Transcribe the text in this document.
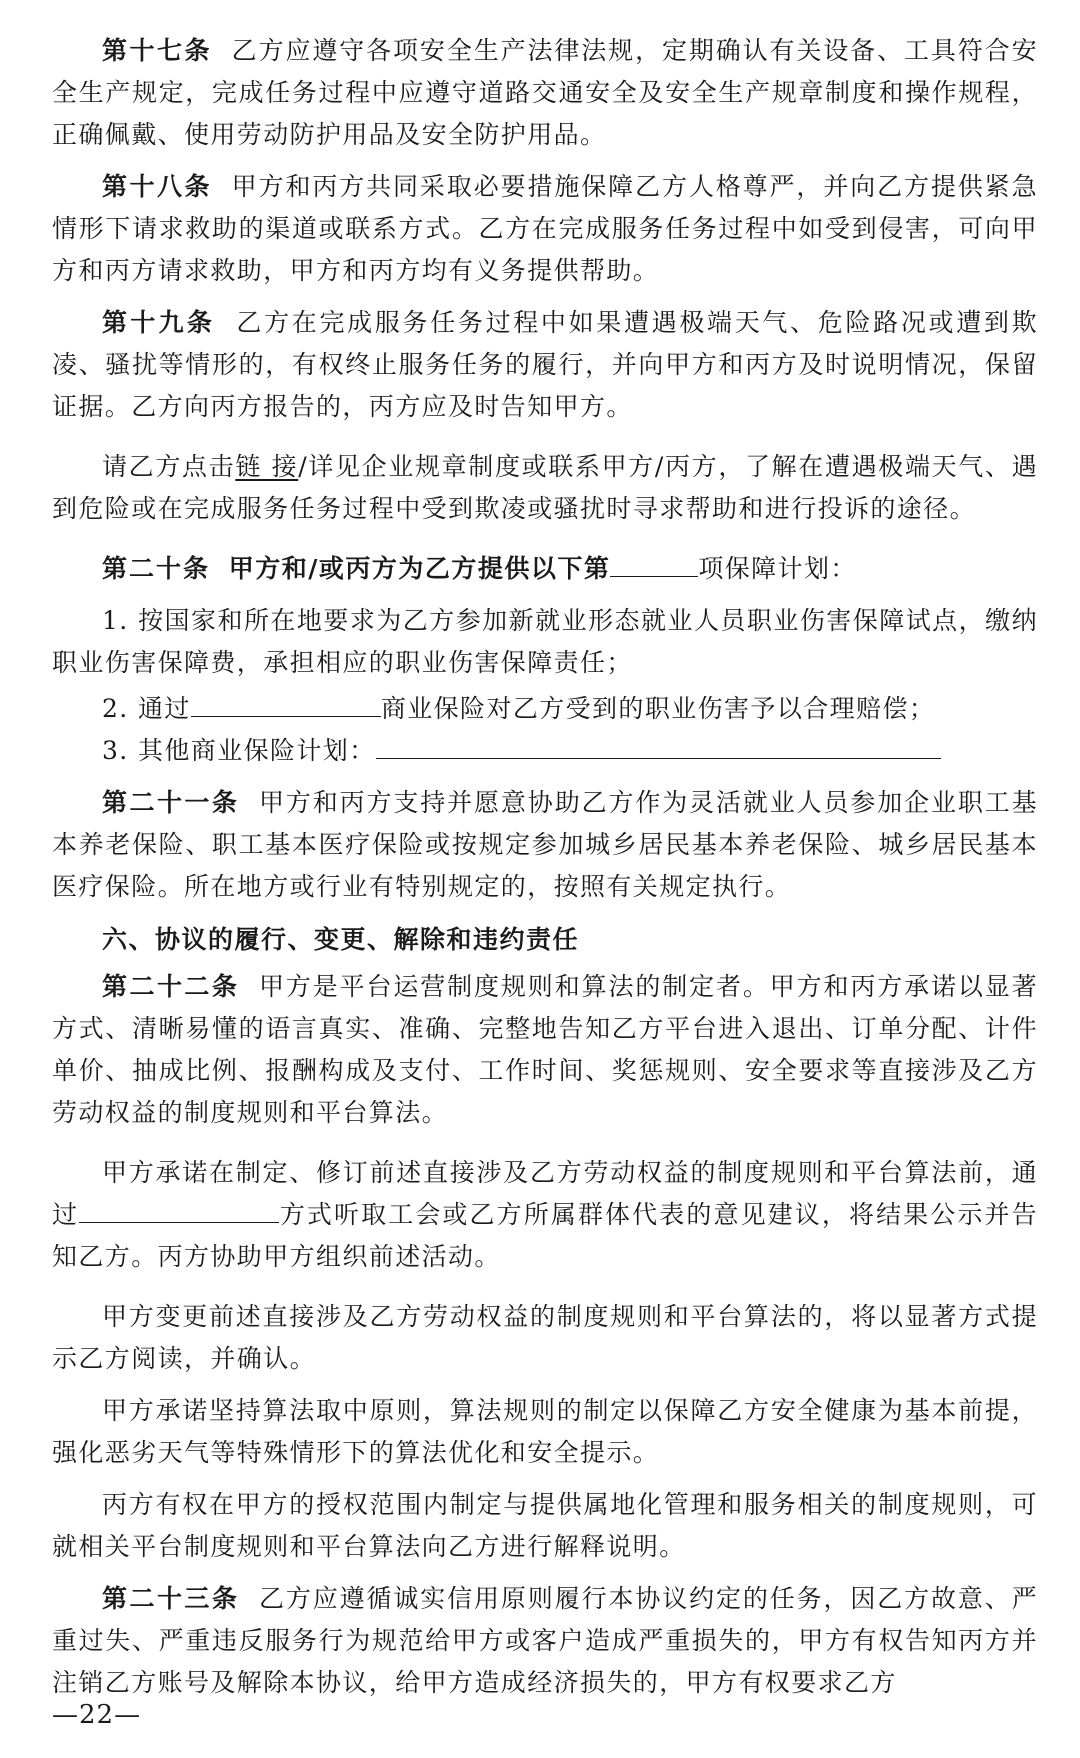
第十七条 乙方应遵守各项安全生产法律法规，定期确认有关设备、工具符合安全生产规定，完成任务过程中应遵守道路交通安全及安全生产规章制度和操作规程，正确佩戴、使用劳动防护用品及安全防护用品。

第十八条 甲方和丙方共同采取必要措施保障乙方人格尊严，并向乙方提供紧急情形下请求救助的渠道或联系方式。乙方在完成服务任务过程中如受到侵害，可向甲方和丙方请求救助，甲方和丙方均有义务提供帮助。

第十九条 乙方在完成服务任务过程中如果遭遇极端天气、危险路况或遭到欺凌、骚扰等情形的，有权终止服务任务的履行，并向甲方和丙方及时说明情况，保留证据。乙方向丙方报告的，丙方应及时告知甲方。

请乙方点击链 接/详见企业规章制度或联系甲方/丙方，了解在遭遇极端天气、遇到危险或在完成服务任务过程中受到欺凌或骚扰时寻求帮助和进行投诉的途径。

第二十条 甲方和/或丙方为乙方提供以下第	项保障计划：

1. 按国家和所在地要求为乙方参加新就业形态就业人员职业伤害保障试点，缴纳职业伤害保障费，承担相应的职业伤害保障责任；

2. 通过	商业保险对乙方受到的职业伤害予以合理赔偿；

3. 其他商业保险计划：

第二十一条 甲方和丙方支持并愿意协助乙方作为灵活就业人员参加企业职工基本养老保险、职工基本医疗保险或按规定参加城乡居民基本养老保险、城乡居民基本医疗保险。所在地方或行业有特别规定的，按照有关规定执行。

六、协议的履行、变更、解除和违约责任

第二十二条 甲方是平台运营制度规则和算法的制定者。甲方和丙方承诺以显著方式、清晰易懂的语言真实、准确、完整地告知乙方平台进入退出、订单分配、计件单价、抽成比例、报酬构成及支付、工作时间、奖惩规则、安全要求等直接涉及乙方劳动权益的制度规则和平台算法。

甲方承诺在制定、修订前述直接涉及乙方劳动权益的制度规则和平台算法前，通过	方式听取工会或乙方所属群体代表的意见建议，将结果公示并告知乙方。丙方协助甲方组织前述活动。

甲方变更前述直接涉及乙方劳动权益的制度规则和平台算法的，将以显著方式提示乙方阅读，并确认。

甲方承诺坚持算法取中原则，算法规则的制定以保障乙方安全健康为基本前提，强化恶劣天气等特殊情形下的算法优化和安全提示。

丙方有权在甲方的授权范围内制定与提供属地化管理和服务相关的制度规则，可就相关平台制度规则和平台算法向乙方进行解释说明。

第二十三条 乙方应遵循诚实信用原则履行本协议约定的任务，因乙方故意、严重过失、严重违反服务行为规范给甲方或客户造成严重损失的，甲方有权告知丙方并注销乙方账号及解除本协议，给甲方造成经济损失的，甲方有权要求乙方

—22—
